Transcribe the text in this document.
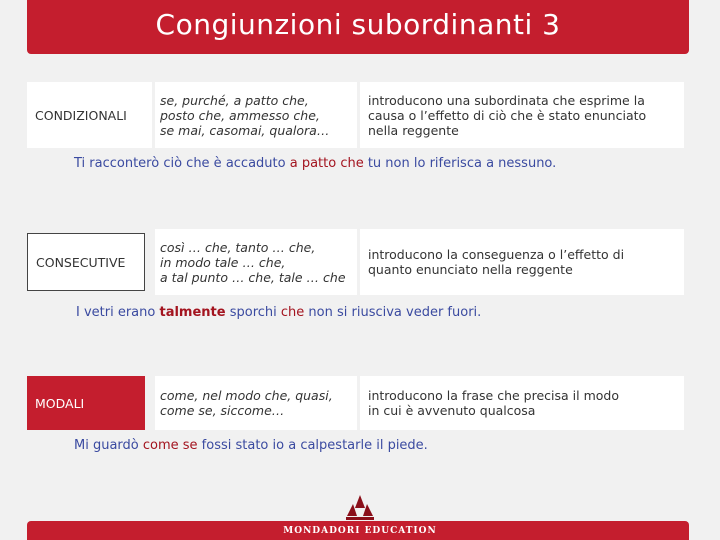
Congiunzioni subordinanti 3
CONDIZIONALI
se, purché, a patto che,
posto che, ammesso che,
se mai, casomai, qualora…
introducono una subordinata che esprime la
causa o l’effetto di ciò che è stato enunciato
nella reggente
Ti racconterò ciò che è accaduto a patto che tu non lo riferisca a nessuno.
CONSECUTIVE
così … che, tanto … che,
in modo tale … che,
a tal punto … che, tale … che
introducono la conseguenza o l’effetto di
quanto enunciato nella reggente
I vetri erano talmente sporchi che non si riusciva veder fuori.
MODALI	come, nel modo che, quasi,
come se, siccome…
introducono la frase che precisa il modo
in cui è avvenuto qualcosa
Mi guardò come se fossi stato io a calpestarle il piede.
MONDADORI EDUCATION
